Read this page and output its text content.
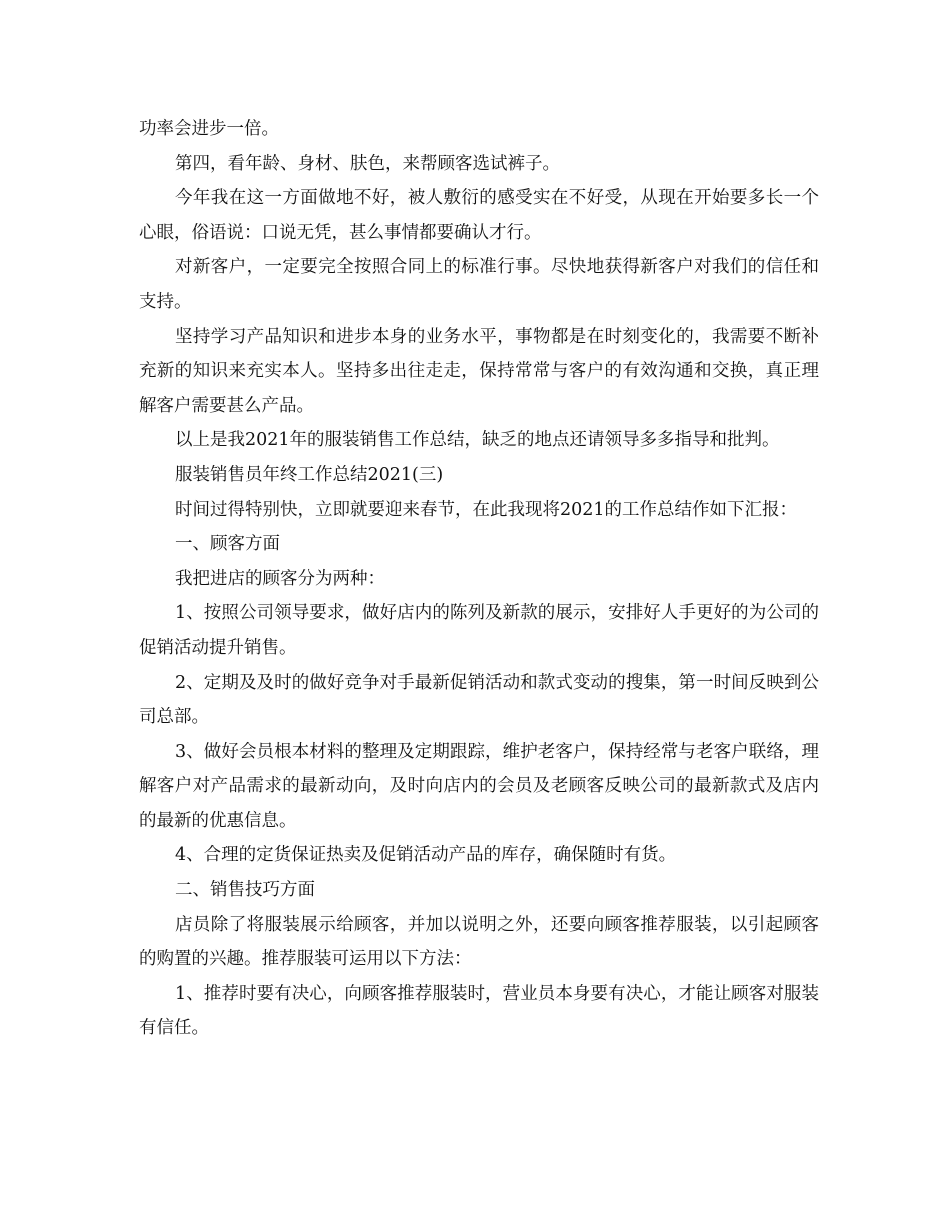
功率会进步一倍。

第四，看年龄、身材、肤色，来帮顾客选试裤子。

今年我在这一方面做地不好，被人敷衍的感受实在不好受，从现在开始要多长一个心眼，俗语说：口说无凭，甚么事情都要确认才行。

对新客户，一定要完全按照合同上的标准行事。尽快地获得新客户对我们的信任和支持。

坚持学习产品知识和进步本身的业务水平，事物都是在时刻变化的，我需要不断补充新的知识来充实本人。坚持多出往走走，保持常常与客户的有效沟通和交换，真正理解客户需要甚么产品。

以上是我2021年的服装销售工作总结，缺乏的地点还请领导多多指导和批判。

服装销售员年终工作总结2021(三)

时间过得特别快，立即就要迎来春节，在此我现将2021的工作总结作如下汇报：

一、顾客方面

我把进店的顾客分为两种：

1、按照公司领导要求，做好店内的陈列及新款的展示，安排好人手更好的为公司的促销活动提升销售。

2、定期及及时的做好竞争对手最新促销活动和款式变动的搜集，第一时间反映到公司总部。

3、做好会员根本材料的整理及定期跟踪，维护老客户，保持经常与老客户联络，理解客户对产品需求的最新动向，及时向店内的会员及老顾客反映公司的最新款式及店内的最新的优惠信息。

4、合理的定货保证热卖及促销活动产品的库存，确保随时有货。

二、销售技巧方面

店员除了将服装展示给顾客，并加以说明之外，还要向顾客推荐服装，以引起顾客的购置的兴趣。推荐服装可运用以下方法：

1、推荐时要有决心，向顾客推荐服装时，营业员本身要有决心，才能让顾客对服装有信任。
